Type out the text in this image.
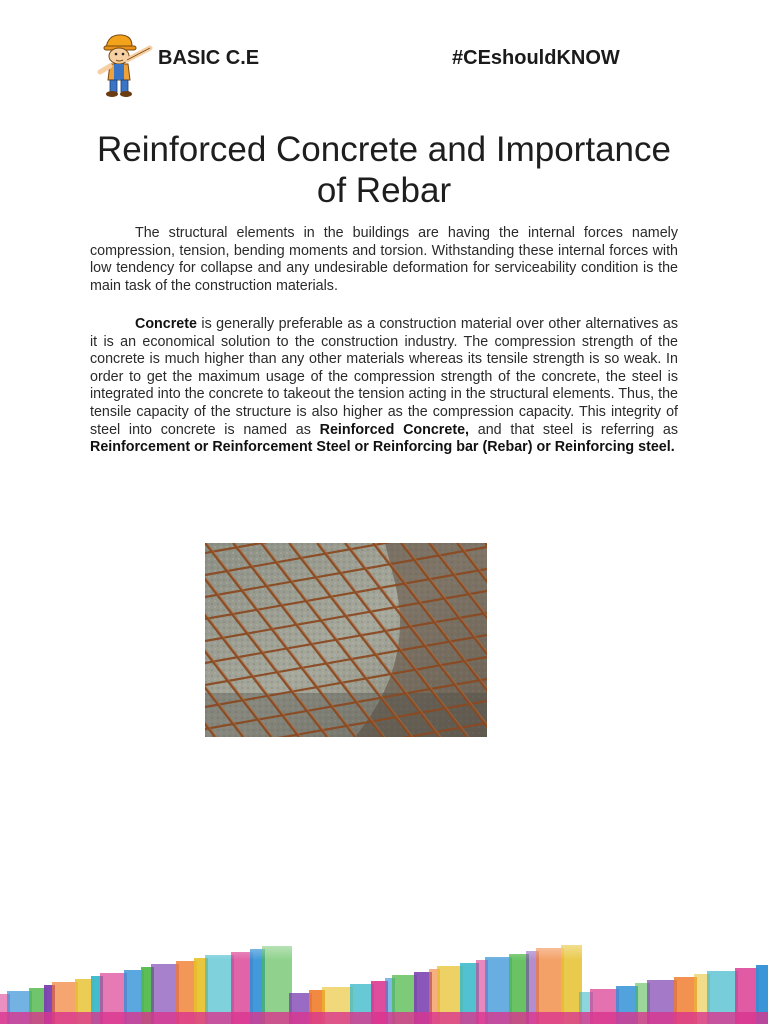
BASIC C.E	#CEshouldKNOW
Reinforced Concrete and Importance of Rebar

The structural elements in the buildings are having the internal forces namely compression, tension, bending moments and torsion. Withstanding these internal forces with low tendency for collapse and any undesirable deformation for serviceability condition is the main task of the construction materials.

Concrete is generally preferable as a construction material over other alternatives as it is an economical solution to the construction industry. The compression strength of the concrete is much higher than any other materials whereas its tensile strength is so weak. In order to get the maximum usage of the compression strength of the concrete, the steel is integrated into the concrete to takeout the tension acting in the structural elements. Thus, the tensile capacity of the structure is also higher as the compression capacity. This integrity of steel into concrete is named as Reinforced Concrete, and that steel is referring as Reinforcement or Reinforcement Steel or Reinforcing bar (Rebar) or Reinforcing steel.
